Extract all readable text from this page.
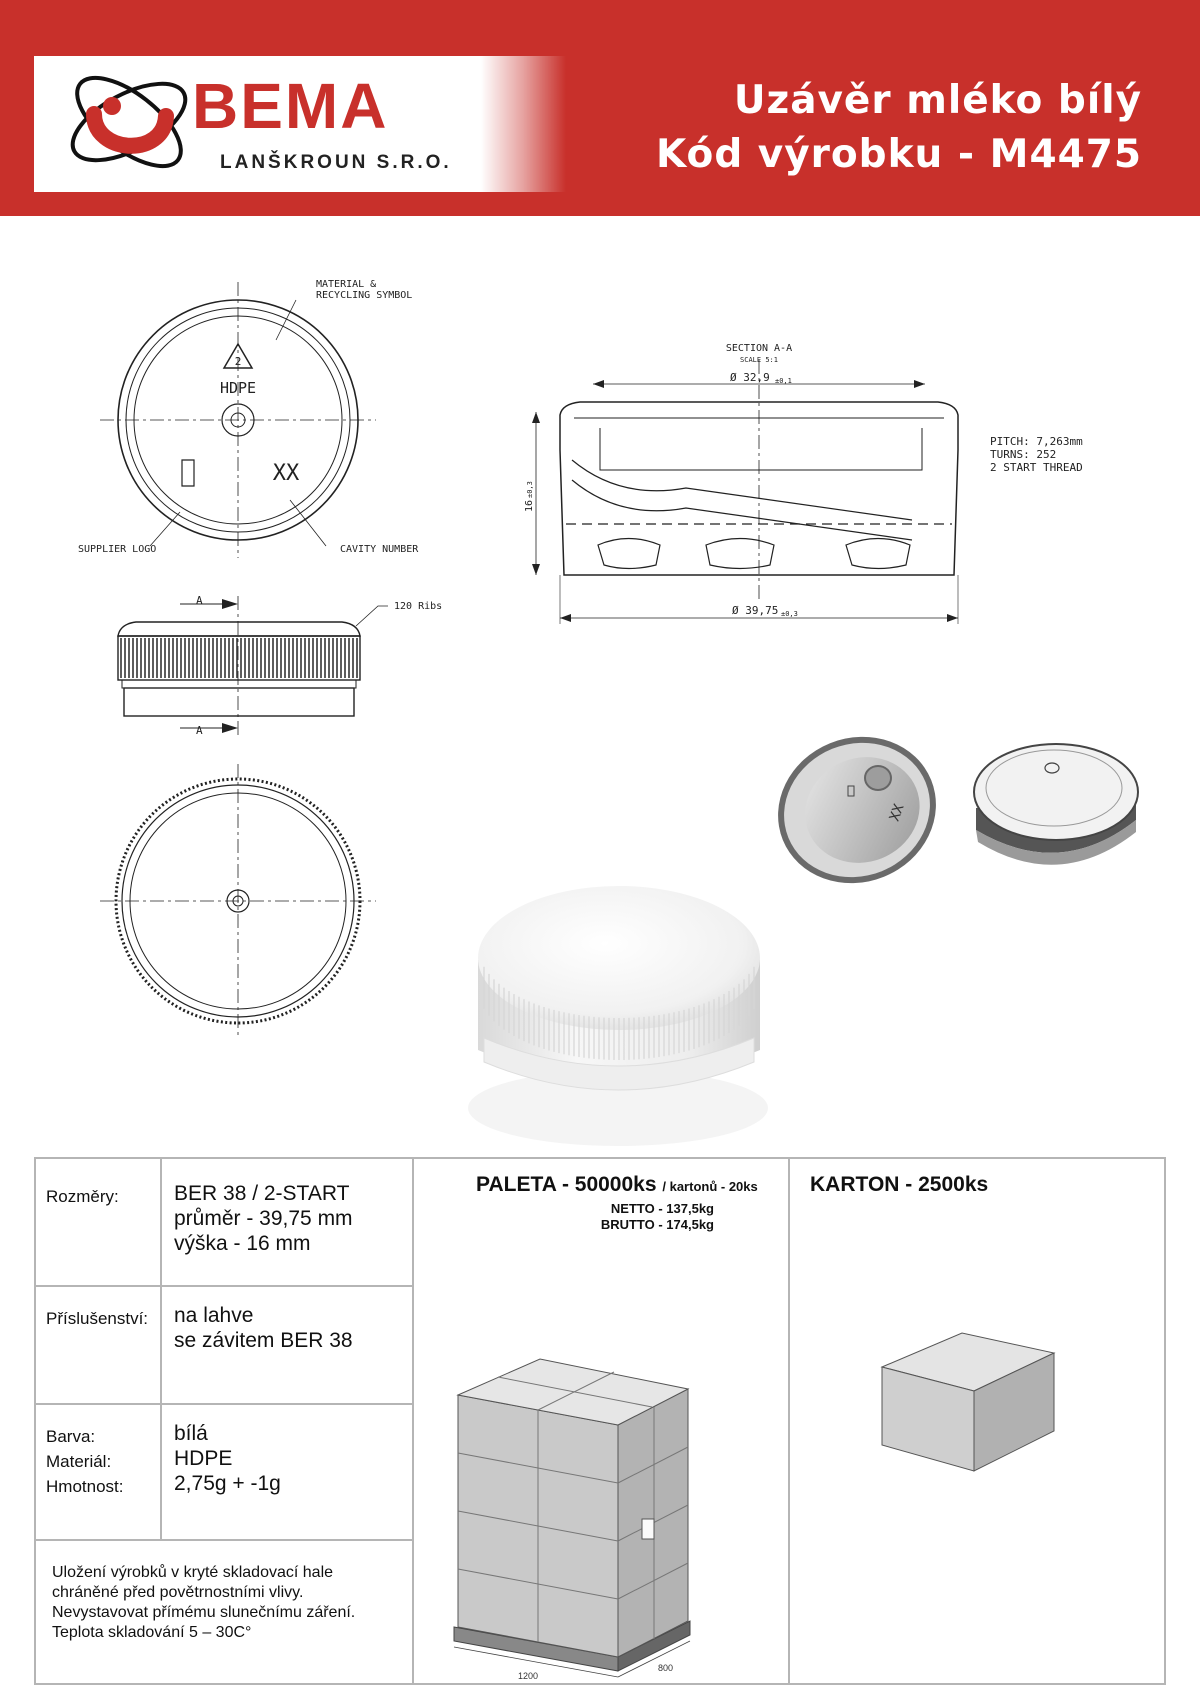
BEMA
LANŠKROUN S.R.O.
Uzávěr mléko bílý
Kód výrobku - M4475
2
HDPE
XX
MATERIAL &
RECYCLING SYMBOL
SUPPLIER LOGO	CAVITY NUMBER
A
A
120 Ribs
SECTION A-A
SCALE 5:1
Ø 32,9 ±0,1
Ø 39,75 ±0,3
16
±0,3
PITCH: 7,263mm
TURNS: 252
2 START THREAD
XX
Rozměry:	BER 38 / 2-START
průměr - 39,75 mm
výška - 16 mm
Příslušenství: na lahve
se závitem BER 38
Barva:	bílá
Materiál:	HDPE
Hmotnost: 2,75g + -1g
Uložení výrobků v kryté skladovací hale
chráněné před povětrnostními vlivy.
Nevystavovat přímému slunečnímu záření.
Teplota skladování 5 – 30C°
PALETA - 50000ks / kartonů - 20ks
NETTO - 137,5kg
BRUTTO - 174,5kg
1200
800
KARTON - 2500ks
